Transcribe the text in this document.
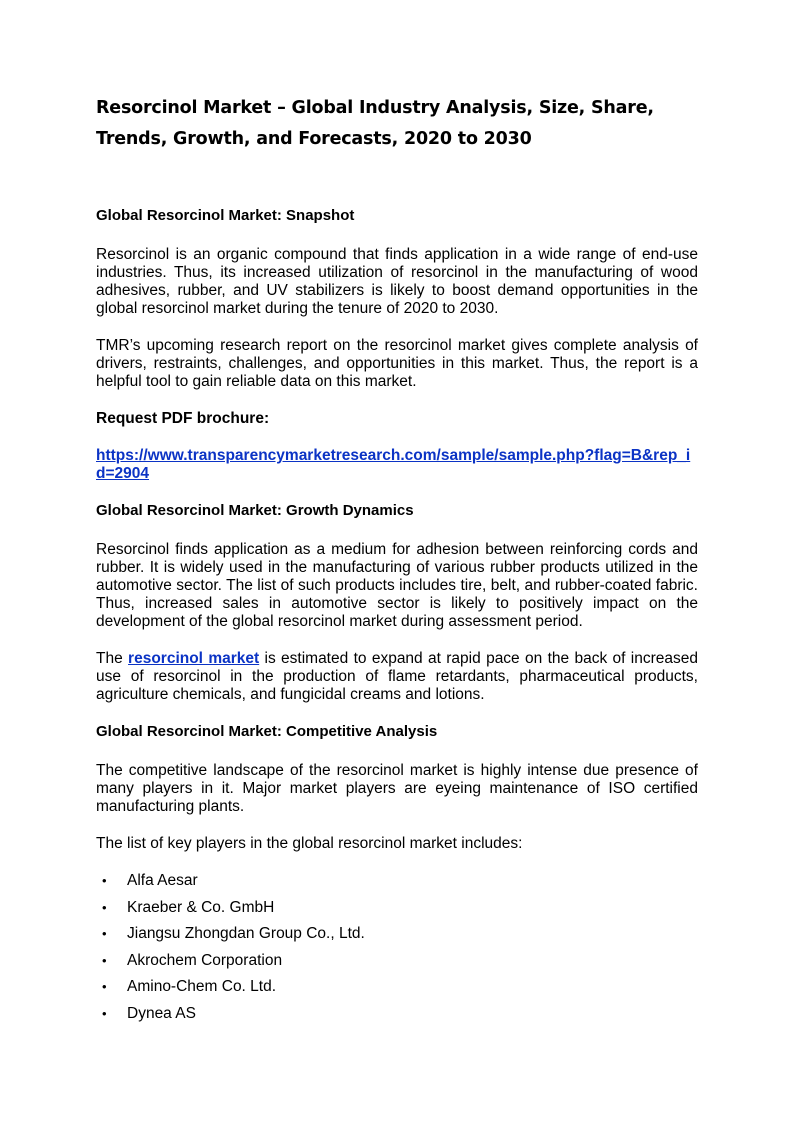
Resorcinol Market – Global Industry Analysis, Size, Share, Trends, Growth, and Forecasts, 2020 to 2030
Global Resorcinol Market: Snapshot

Resorcinol is an organic compound that finds application in a wide range of end-use industries. Thus, its increased utilization of resorcinol in the manufacturing of wood adhesives, rubber, and UV stabilizers is likely to boost demand opportunities in the global resorcinol market during the tenure of 2020 to 2030.

TMR’s upcoming research report on the resorcinol market gives complete analysis of drivers, restraints, challenges, and opportunities in this market. Thus, the report is a helpful tool to gain reliable data on this market.

Request PDF brochure:

https://www.transparencymarketresearch.com/sample/sample.php?flag=B&rep_id=2904

Global Resorcinol Market: Growth Dynamics

Resorcinol finds application as a medium for adhesion between reinforcing cords and rubber. It is widely used in the manufacturing of various rubber products utilized in the automotive sector. The list of such products includes tire, belt, and rubber-coated fabric. Thus, increased sales in automotive sector is likely to positively impact on the development of the global resorcinol market during assessment period.

The resorcinol market is estimated to expand at rapid pace on the back of increased use of resorcinol in the production of flame retardants, pharmaceutical products, agriculture chemicals, and fungicidal creams and lotions.

Global Resorcinol Market: Competitive Analysis

The competitive landscape of the resorcinol market is highly intense due presence of many players in it. Major market players are eyeing maintenance of ISO certified manufacturing plants.

The list of key players in the global resorcinol market includes:

• Alfa Aesar
• Kraeber & Co. GmbH
• Jiangsu Zhongdan Group Co., Ltd.
• Akrochem Corporation
• Amino-Chem Co. Ltd.
• Dynea AS
